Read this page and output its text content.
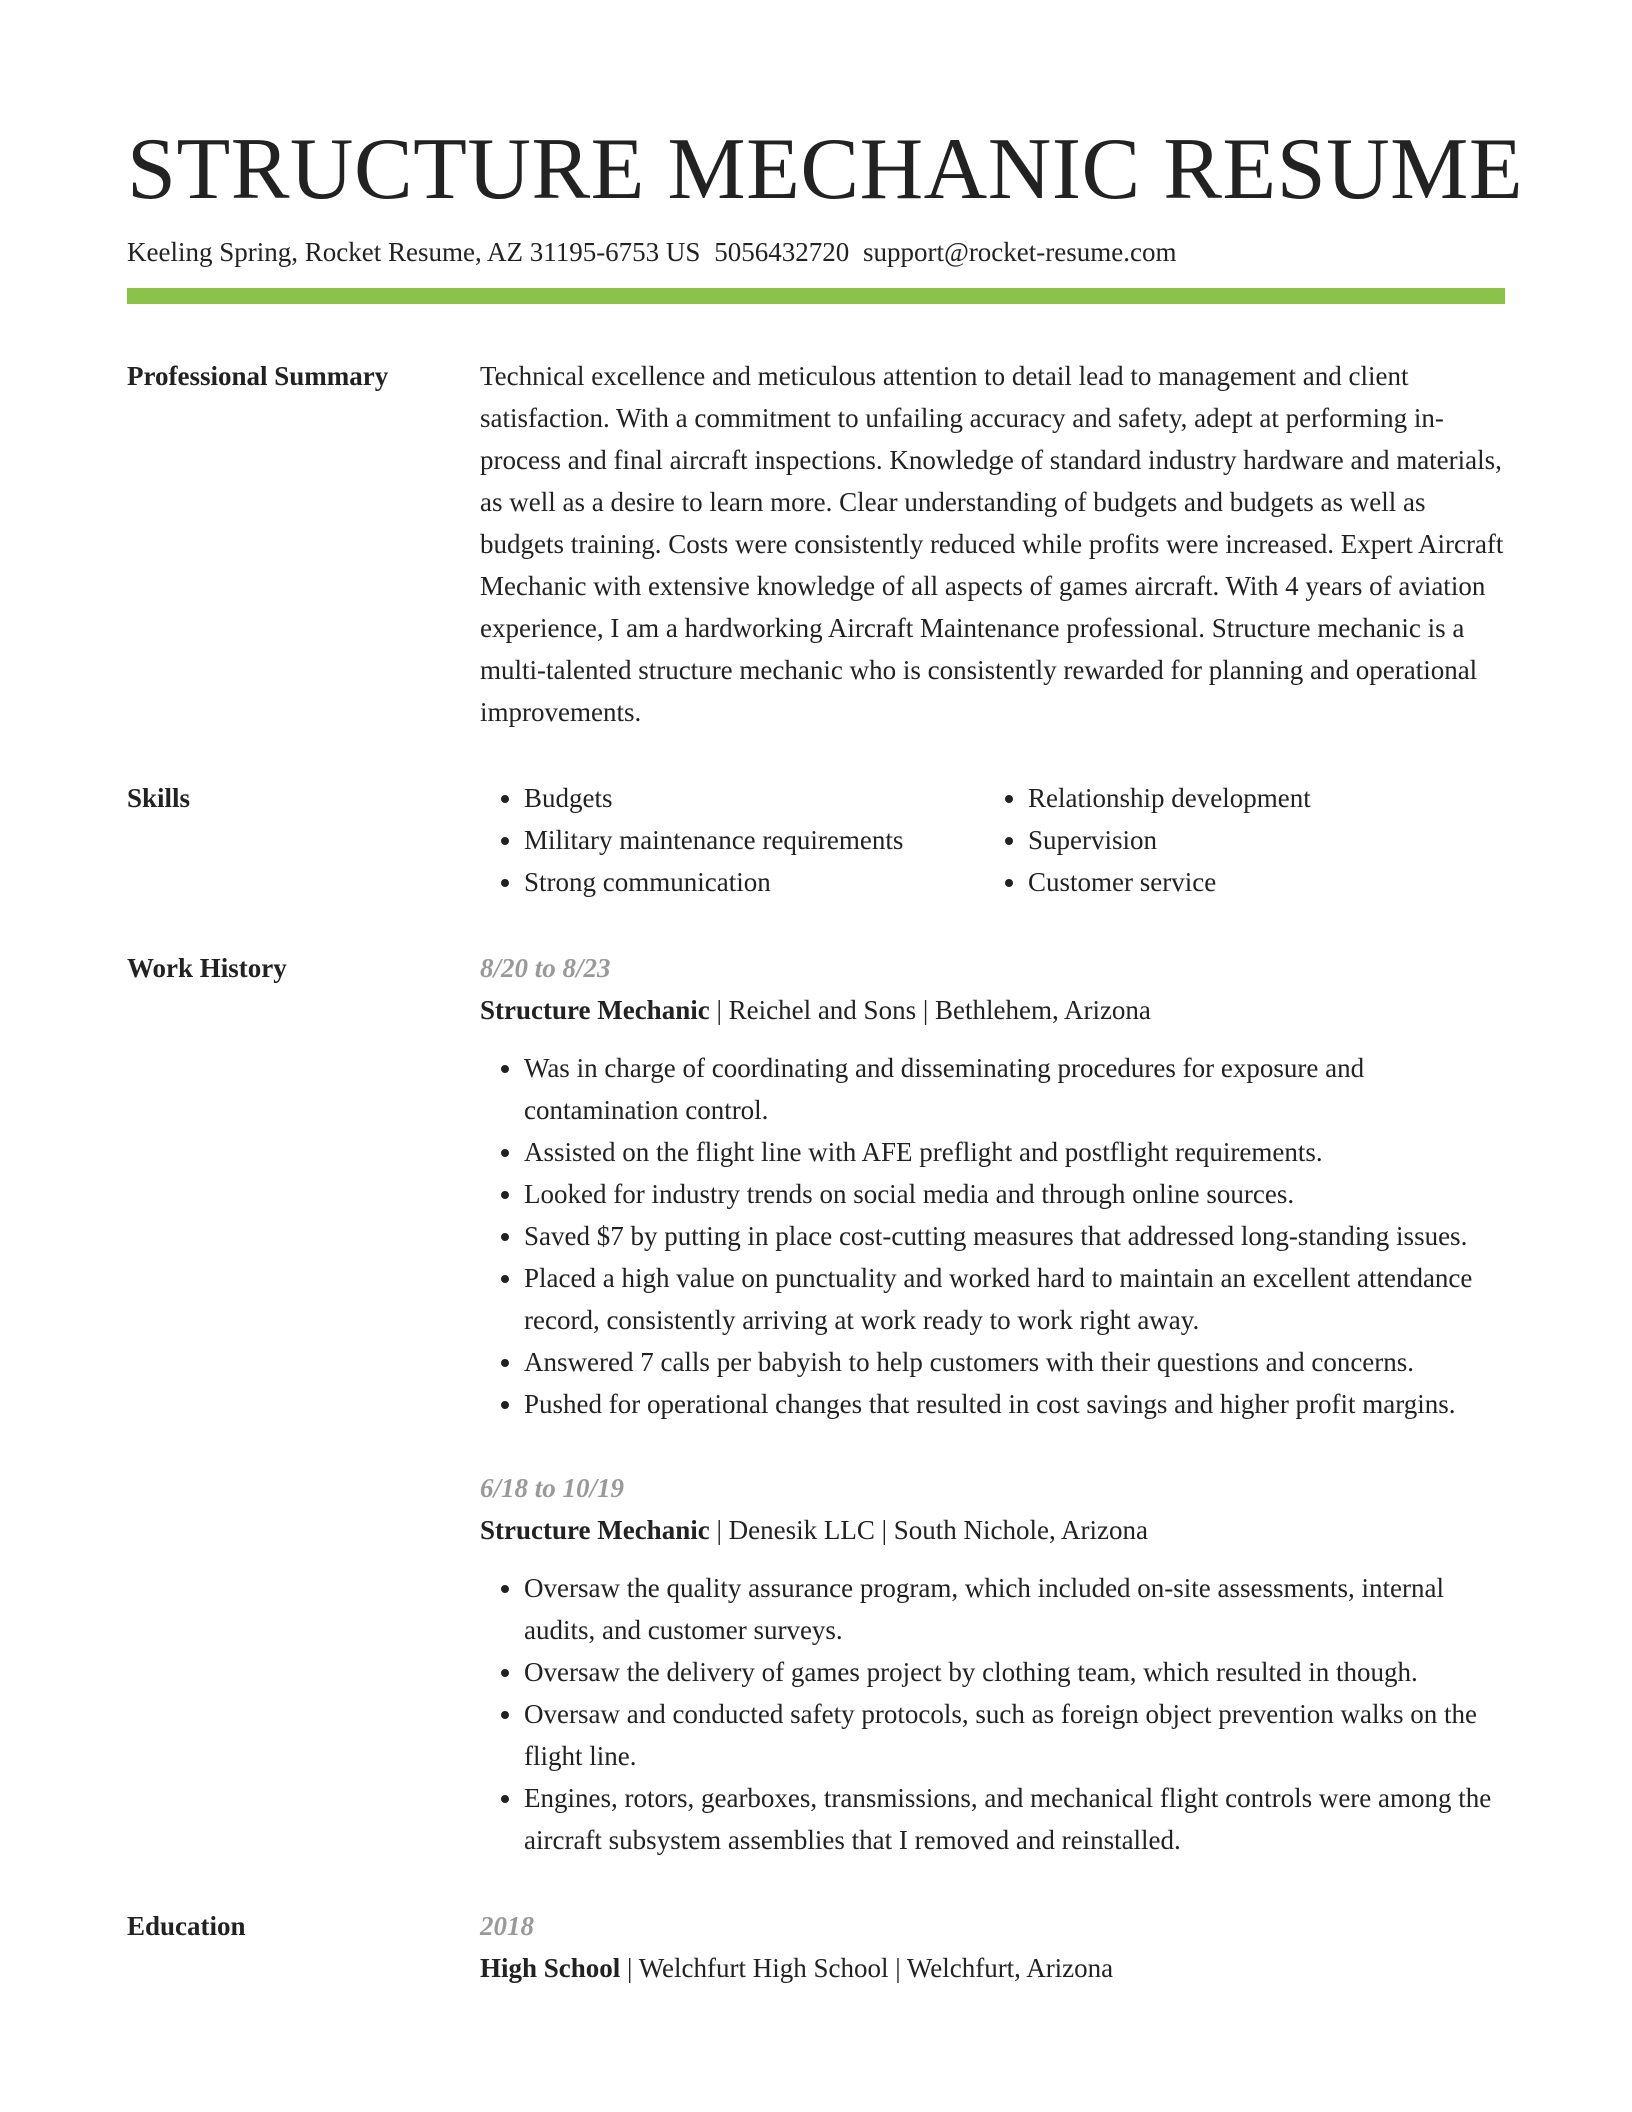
STRUCTURE MECHANIC RESUME
Keeling Spring, Rocket Resume, AZ 31195-6753 US 5056432720 support@rocket-resume.com
Professional Summary	Technical excellence and meticulous attention to detail lead to management and client satisfaction. With a commitment to unfailing accuracy and safety, adept at performing in-process and final aircraft inspections. Knowledge of standard industry hardware and materials, as well as a desire to learn more. Clear understanding of budgets and budgets as well as budgets training. Costs were consistently reduced while profits were increased. Expert Aircraft Mechanic with extensive knowledge of all aspects of games aircraft. With 4 years of aviation experience, I am a hardworking Aircraft Maintenance professional. Structure mechanic is a multi-talented structure mechanic who is consistently rewarded for planning and operational improvements.

Skills
•	Budgets
• Military maintenance requirements
• Strong communication
• Relationship development
• Supervision
• Customer service
Work History	8/20 to 8/23
Structure Mechanic | Reichel and Sons | Bethlehem, Arizona
• Was in charge of coordinating and disseminating procedures for exposure and contamination control.
• Assisted on the flight line with AFE preflight and postflight requirements.
• Looked for industry trends on social media and through online sources.
• Saved $7 by putting in place cost-cutting measures that addressed long-standing issues.
• Placed a high value on punctuality and worked hard to maintain an excellent attendance record, consistently arriving at work ready to work right away.
• Answered 7 calls per babyish to help customers with their questions and concerns.
• Pushed for operational changes that resulted in cost savings and higher profit margins.
6/18 to 10/19
Structure Mechanic | Denesik LLC | South Nichole, Arizona
• Oversaw the quality assurance program, which included on-site assessments, internal audits, and customer surveys.
• Oversaw the delivery of games project by clothing team, which resulted in though.
• Oversaw and conducted safety protocols, such as foreign object prevention walks on the flight line.
• Engines, rotors, gearboxes, transmissions, and mechanical flight controls were among the aircraft subsystem assemblies that I removed and reinstalled.
Education	2018
High School | Welchfurt High School | Welchfurt, Arizona
